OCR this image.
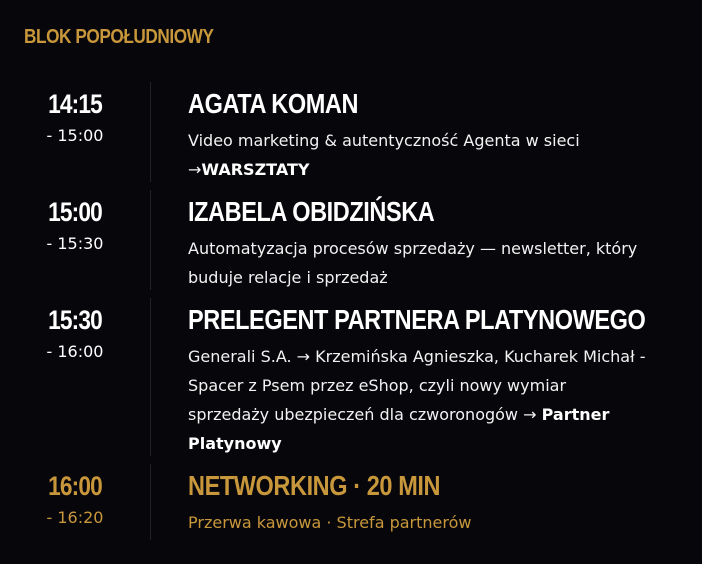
BLOK POPOŁUDNIOWY
14:15
- 15:00
AGATA KOMAN
Video marketing & autentyczność Agenta w sieci
→WARSZTATY
15:00
- 15:30
IZABELA OBIDZIŃSKA
Automatyzacja procesów sprzedaży — newsletter, który buduje relacje i sprzedaż
15:30
- 16:00
PRELEGENT PARTNERA PLATYNOWEGO
Generali S.A. → Krzemińska Agnieszka, Kucharek Michał - Spacer z Psem przez eShop, czyli nowy wymiar sprzedaży ubezpieczeń dla czworonogów → Partner Platynowy
16:00
- 16:20
NETWORKING · 20 MIN
Przerwa kawowa · Strefa partnerów
